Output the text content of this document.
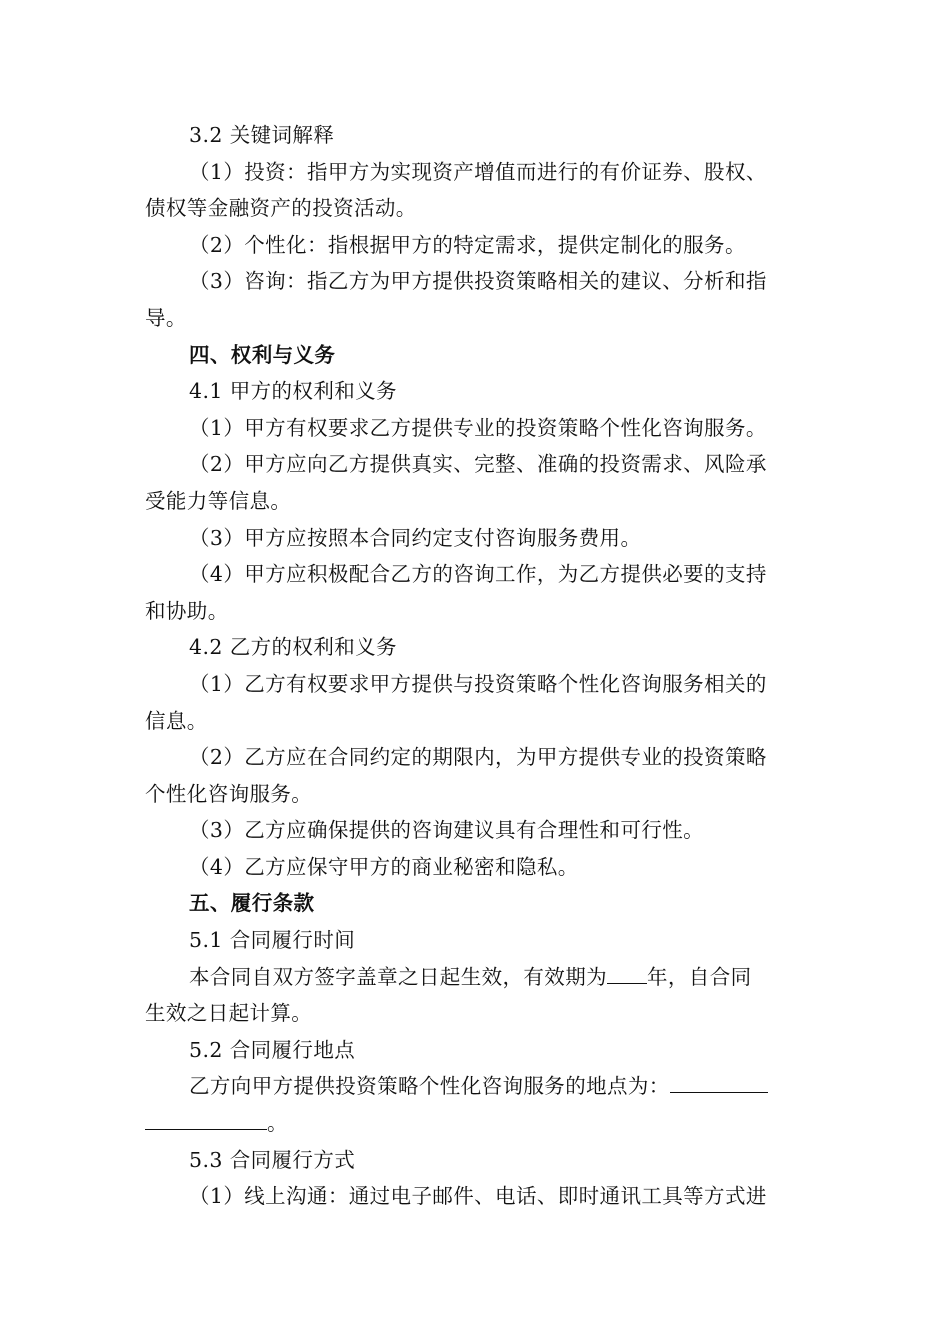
3.2 关键词解释
（1）投资：指甲方为实现资产增值而进行的有价证券、股权、
债权等金融资产的投资活动。
（2）个性化：指根据甲方的特定需求，提供定制化的服务。
（3）咨询：指乙方为甲方提供投资策略相关的建议、分析和指
导。
四、权利与义务
4.1 甲方的权利和义务
（1）甲方有权要求乙方提供专业的投资策略个性化咨询服务。
（2）甲方应向乙方提供真实、完整、准确的投资需求、风险承
受能力等信息。
（3）甲方应按照本合同约定支付咨询服务费用。
（4）甲方应积极配合乙方的咨询工作，为乙方提供必要的支持
和协助。
4.2 乙方的权利和义务
（1）乙方有权要求甲方提供与投资策略个性化咨询服务相关的
信息。
（2）乙方应在合同约定的期限内，为甲方提供专业的投资策略
个性化咨询服务。
（3）乙方应确保提供的咨询建议具有合理性和可行性。
（4）乙方应保守甲方的商业秘密和隐私。
五、履行条款
5.1 合同履行时间
本合同自双方签字盖章之日起生效，有效期为 年，自合同
生效之日起计算。
5.2 合同履行地点
乙方向甲方提供投资策略个性化咨询服务的地点为：
。
5.3 合同履行方式
（1）线上沟通：通过电子邮件、电话、即时通讯工具等方式进
